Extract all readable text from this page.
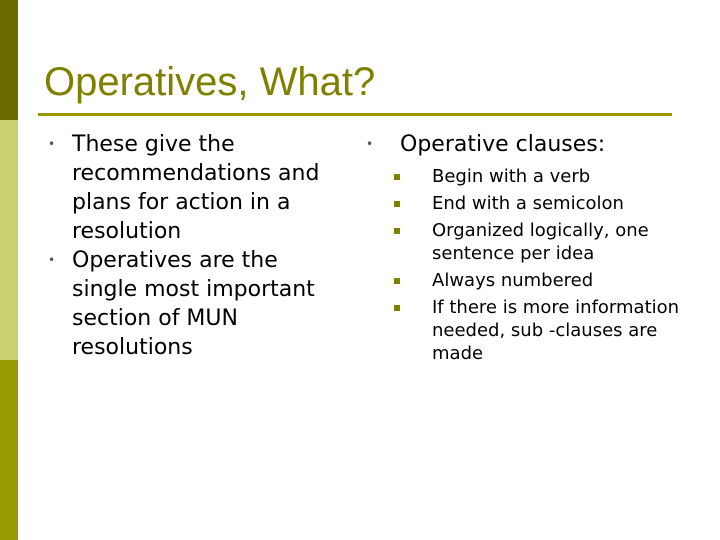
Operatives, What?
• These give the recommendations and plans for action in a resolution
• Operatives are the single most important section of MUN resolutions
• Operative clauses:
Begin with a verb
End with a semicolon
Organized logically, one sentence per idea
Always numbered
If there is more information needed, sub -clauses are made
